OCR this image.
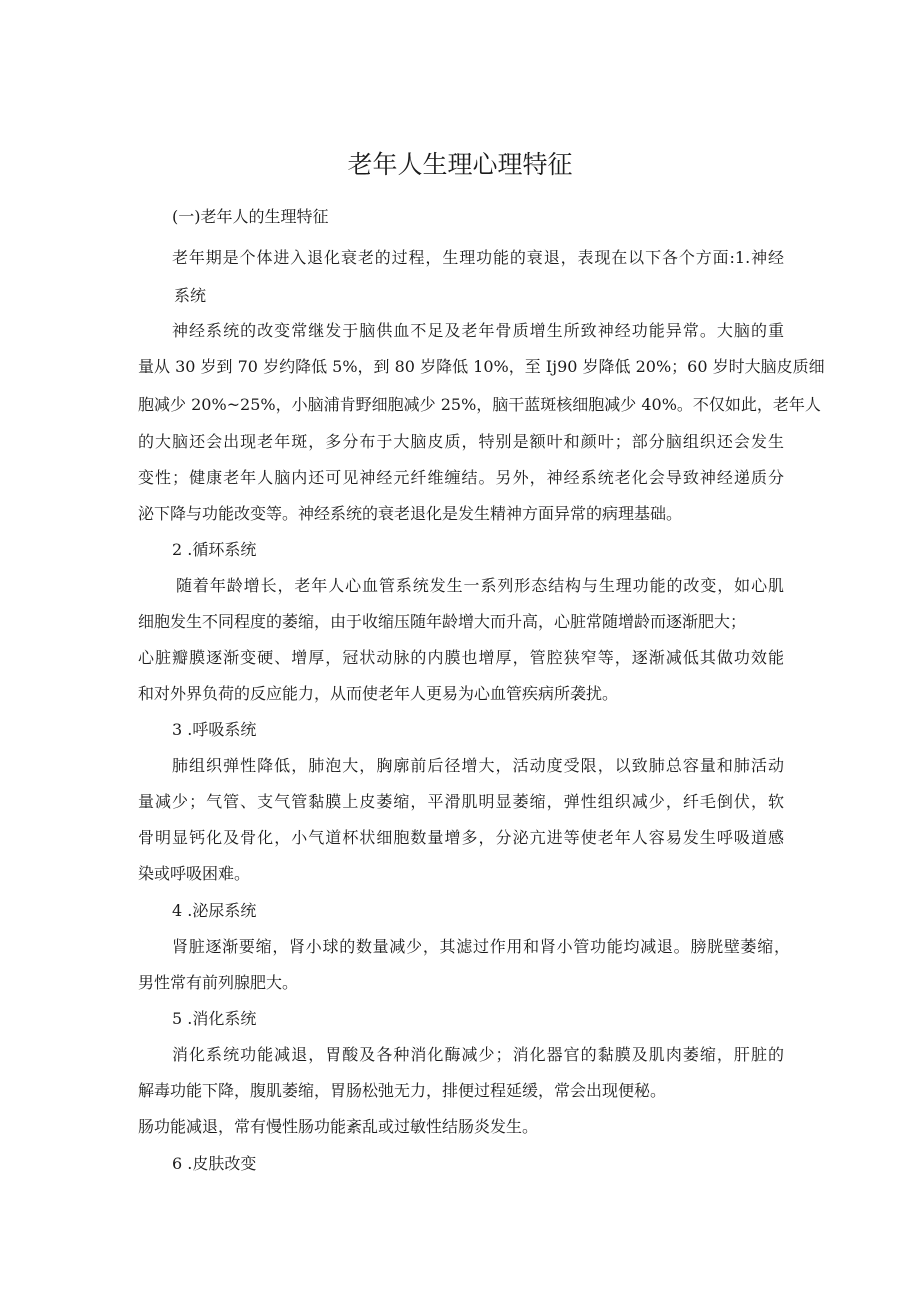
老年人生理心理特征

(一)老年人的生理特征

老年期是个体进入退化衰老的过程，生理功能的衰退，表现在以下各个方面:1.神经

系统

神经系统的改变常继发于脑供血不足及老年骨质增生所致神经功能异常。大脑的重

量从 30 岁到 70 岁约降低 5%，到 80 岁降低 10%，至 Ij90 岁降低 20%；60 岁时大脑皮质细

胞减少 20%~25%，小脑浦肯野细胞减少 25%，脑干蓝斑核细胞减少 40%。不仅如此，老年人

的大脑还会出现老年斑，多分布于大脑皮质，特别是额叶和颜叶；部分脑组织还会发生

变性；健康老年人脑内还可见神经元纤维缠结。另外，神经系统老化会导致神经递质分

泌下降与功能改变等。神经系统的衰老退化是发生精神方面异常的病理基础。

2 .循环系统

随着年龄增长，老年人心血管系统发生一系列形态结构与生理功能的改变，如心肌

细胞发生不同程度的萎缩，由于收缩压随年龄增大而升高，心脏常随增龄而逐渐肥大；

心脏瓣膜逐渐变硬、增厚，冠状动脉的内膜也增厚，管腔狭窄等，逐渐减低其做功效能

和对外界负荷的反应能力，从而使老年人更易为心血管疾病所袭扰。

3 .呼吸系统

肺组织弹性降低，肺泡大，胸廓前后径增大，活动度受限，以致肺总容量和肺活动

量减少；气管、支气管黏膜上皮萎缩，平滑肌明显萎缩，弹性组织减少，纤毛倒伏，软

骨明显钙化及骨化，小气道杯状细胞数量增多，分泌亢进等使老年人容易发生呼吸道感

染或呼吸困难。

4 .泌尿系统

肾脏逐渐要缩，肾小球的数量减少，其滤过作用和肾小管功能均减退。膀胱壁萎缩，

男性常有前列腺肥大。

5 .消化系统

消化系统功能减退，胃酸及各种消化酶减少；消化器官的黏膜及肌肉萎缩，肝脏的

解毒功能下降，腹肌萎缩，胃肠松弛无力，排便过程延缓，常会出现便秘。

肠功能减退，常有慢性肠功能紊乱或过敏性结肠炎发生。

6 .皮肤改变
